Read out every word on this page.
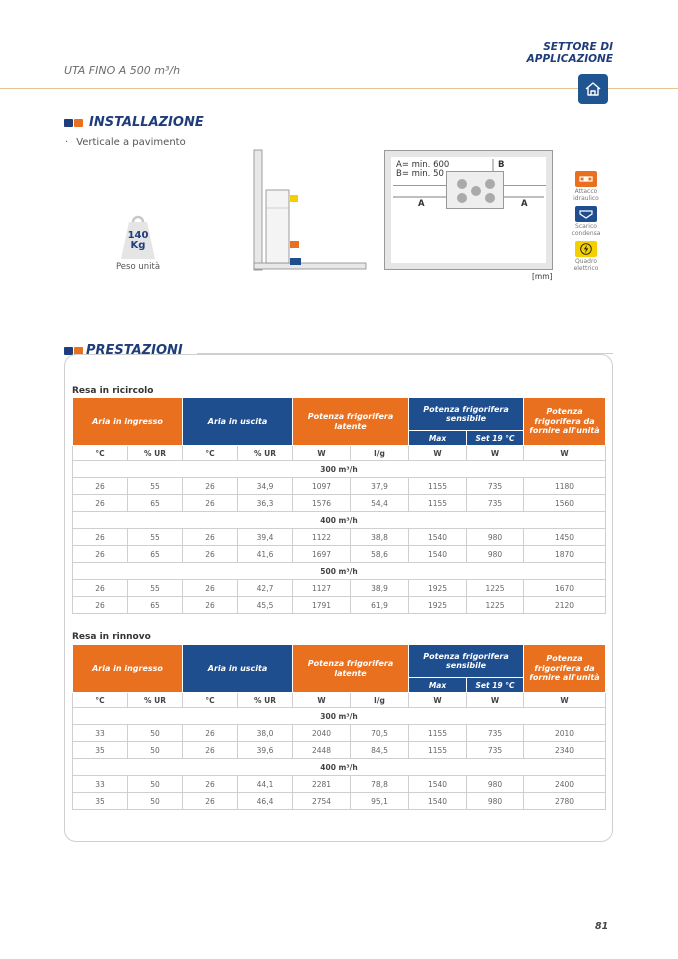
UTA FINO A 500 m³/h
SETTORE DI
APPLICAZIONE
INSTALLAZIONE
· Verticale a pavimento
140
Kg
Peso unità
A= min. 600
B= min. 50
B
A	A
[mm]
Attacco idraulico
Scarico condensa
Quadro elettrico
PRESTAZIONI
Resa in ricircolo
Aria in ingresso		Aria in uscita		Potenza frigorifera latente		Potenza frigorifera sensibile		Potenza frigorifera da fornire all'unità
						Max	Set 19 °C	
°C	% UR	°C	% UR	W	l/g	W	W	W
300 m³/h								
26	55	26	34,9	1097	37,9	1155	735	1180
26	65	26	36,3	1576	54,4	1155	735	1560
400 m³/h								
26	55	26	39,4	1122	38,8	1540	980	1450
26	65	26	41,6	1697	58,6	1540	980	1870
500 m³/h								
26	55	26	42,7	1127	38,9	1925	1225	1670
26	65	26	45,5	1791	61,9	1925	1225	2120
Resa in rinnovo
Aria in ingresso		Aria in uscita		Potenza frigorifera latente		Potenza frigorifera sensibile		Potenza frigorifera da fornire all'unità
						Max	Set 19 °C	
°C	% UR	°C	% UR	W	l/g	W	W	W
300 m³/h								
33	50	26	38,0	2040	70,5	1155	735	2010
35	50	26	39,6	2448	84,5	1155	735	2340
400 m³/h								
33	50	26	44,1	2281	78,8	1540	980	2400
35	50	26	46,4	2754	95,1	1540	980	2780
81
